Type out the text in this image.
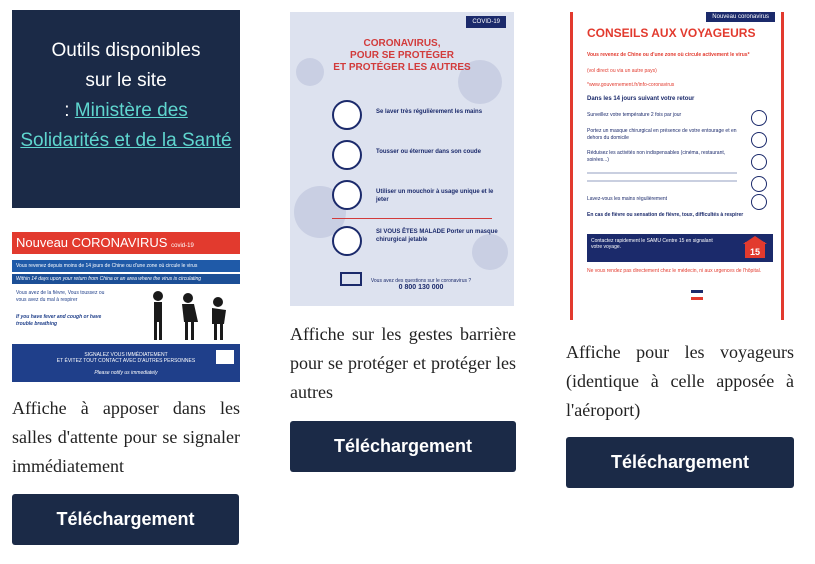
Outils disponibles
sur le site
: Ministère des Solidarités et de la Santé
Nouveau CORONAVIRUS covid-19
Vous revenez depuis moins de 14 jours de Chine ou d'une zone où circule le virus
Within 14 days upon your return from China or an area where the virus is circulating
Vous avez de la fièvre, Vous toussez ou vous avez du mal à respirer
If you have fever and cough or have trouble breathing
SIGNALEZ VOUS IMMÉDIATEMENT
ET ÉVITEZ TOUT CONTACT AVEC D'AUTRES PERSONNES
Please notify us immediately
Affiche à apposer dans les salles d'attente pour se signaler immédiatement
Téléchargement
COVID-19
CORONAVIRUS,
POUR SE PROTÉGER
ET PROTÉGER LES AUTRES
Se laver très régulièrement les mains
Tousser ou éternuer dans son coude
Utiliser un mouchoir à usage unique et le jeter
SI VOUS ÊTES MALADE Porter un masque chirurgical jetable
Vous avez des questions sur le coronavirus ?
0 800 130 000
Affiche sur les gestes barrière pour se protéger et protéger les autres
Téléchargement
Nouveau coronavirus
CONSEILS AUX VOYAGEURS
Vous revenez de Chine ou d'une zone où circule activement le virus*
(vol direct ou via un autre pays)
*www.gouvernement.fr/info-coronavirus
Dans les 14 jours suivant votre retour
Surveillez votre température 2 fois par jour
Portez un masque chirurgical en présence de votre entourage et en dehors du domicile
Réduisez les activités non indispensables (cinéma, restaurant, soirées...)
Lavez-vous les mains régulièrement
En cas de fièvre ou sensation de fièvre, toux, difficultés à respirer
Contactez rapidement le SAMU Centre 15 en signalant votre voyage.	15
Ne vous rendez pas directement chez le médecin, ni aux urgences de l'hôpital.
Affiche pour les voyageurs (identique à celle apposée à l'aéroport)
Téléchargement
